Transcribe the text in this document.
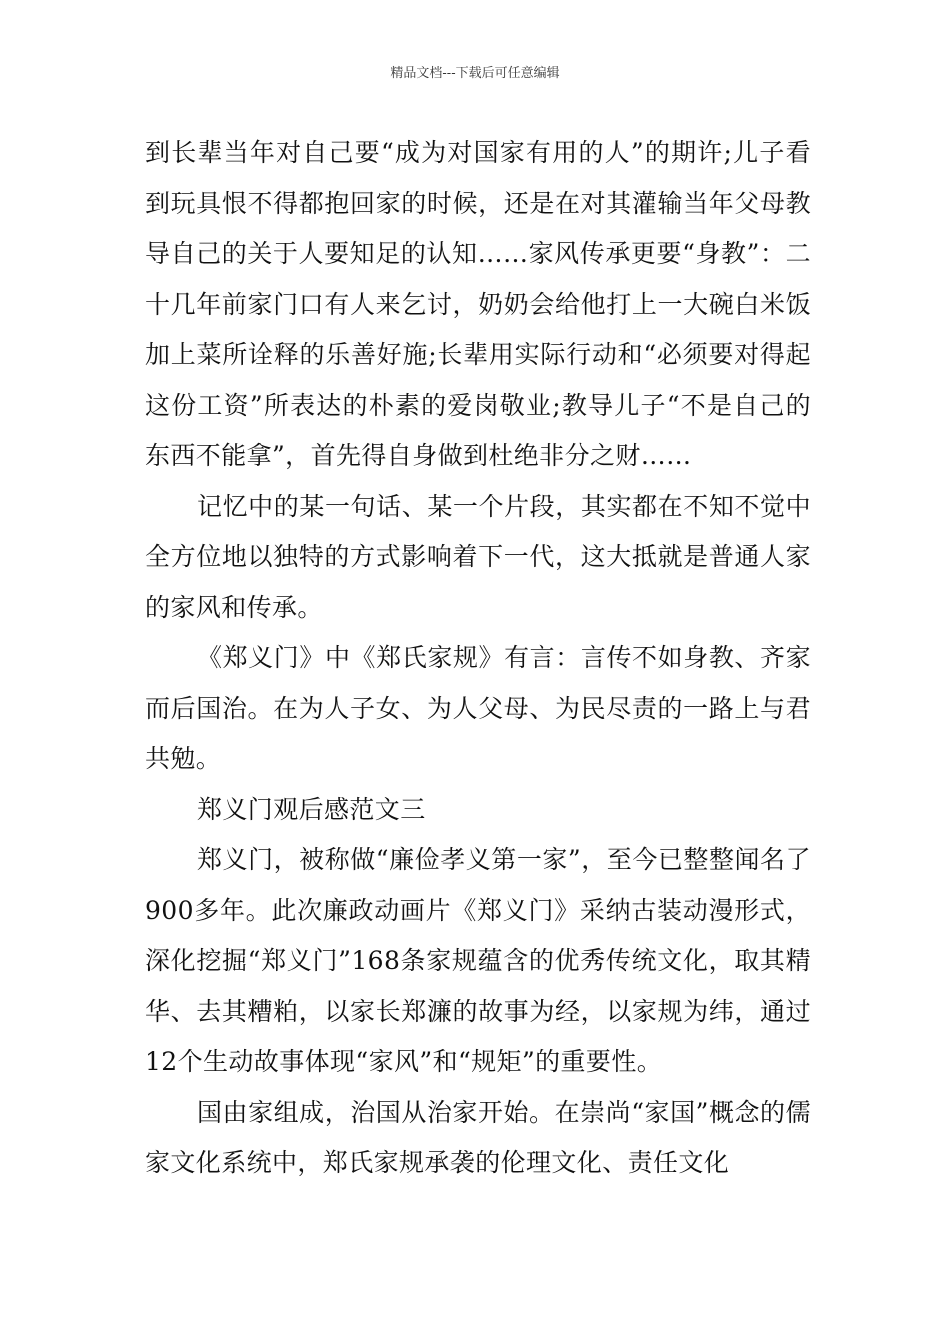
精品文档---下载后可任意编辑

到长辈当年对自己要“成为对国家有用的人”的期许;儿子看到玩具恨不得都抱回家的时候，还是在对其灌输当年父母教导自己的关于人要知足的认知……家风传承更要“身教”：二十几年前家门口有人来乞讨，奶奶会给他打上一大碗白米饭加上菜所诠释的乐善好施;长辈用实际行动和“必须要对得起这份工资”所表达的朴素的爱岗敬业;教导儿子“不是自己的东西不能拿”，首先得自身做到杜绝非分之财……

记忆中的某一句话、某一个片段，其实都在不知不觉中全方位地以独特的方式影响着下一代，这大抵就是普通人家的家风和传承。

《郑义门》中《郑氏家规》有言：言传不如身教、齐家而后国治。在为人子女、为人父母、为民尽责的一路上与君共勉。

郑义门观后感范文三

郑义门，被称做“廉俭孝义第一家”，至今已整整闻名了900多年。此次廉政动画片《郑义门》采纳古装动漫形式，深化挖掘“郑义门”168条家规蕴含的优秀传统文化，取其精华、去其糟粕，以家长郑濂的故事为经，以家规为纬，通过12个生动故事体现“家风”和“规矩”的重要性。

国由家组成，治国从治家开始。在崇尚“家国”概念的儒家文化系统中，郑氏家规承袭的伦理文化、责任文化
